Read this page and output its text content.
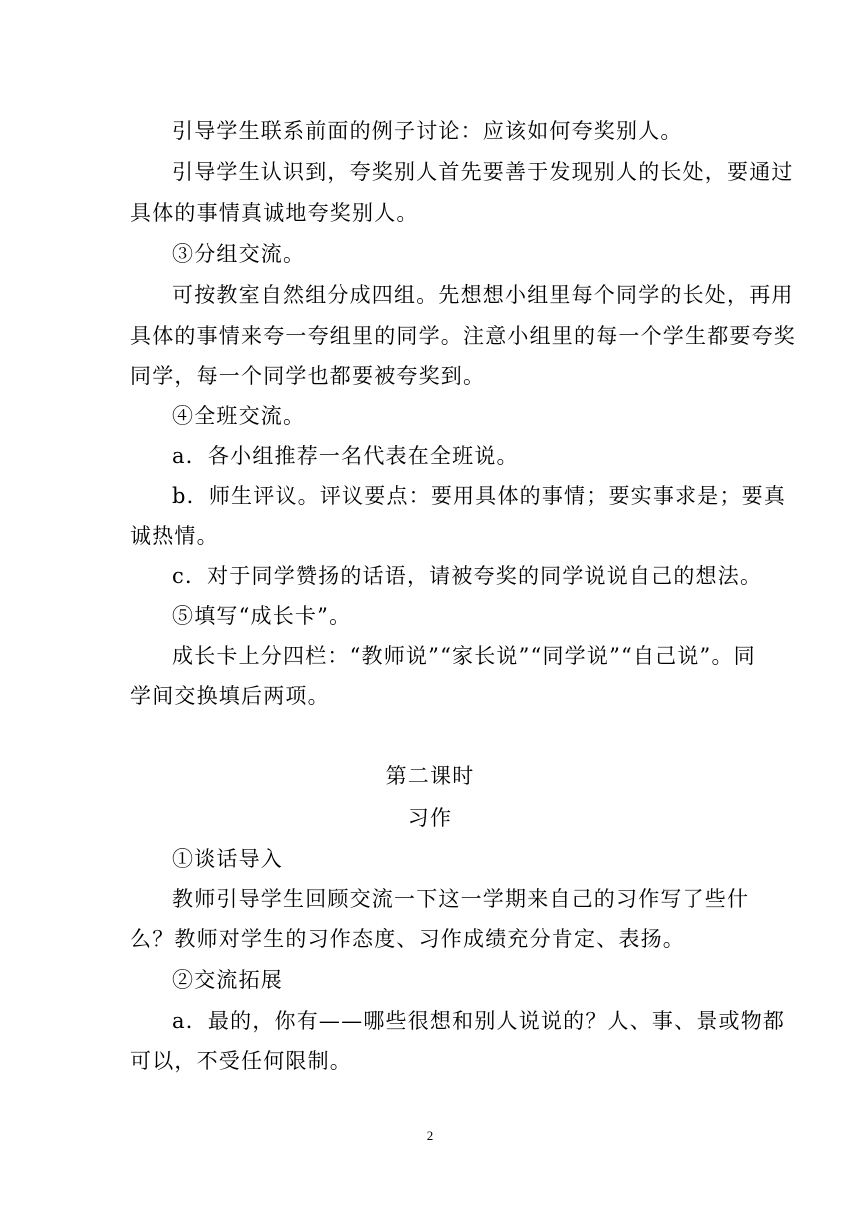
引导学生联系前面的例子讨论：应该如何夸奖别人。
引导学生认识到，夸奖别人首先要善于发现别人的长处，要通过
具体的事情真诚地夸奖别人。
③分组交流。
可按教室自然组分成四组。先想想小组里每个同学的长处，再用
具体的事情来夸一夸组里的同学。注意小组里的每一个学生都要夸奖
同学，每一个同学也都要被夸奖到。
④全班交流。
a．各小组推荐一名代表在全班说。
b．师生评议。评议要点：要用具体的事情；要实事求是；要真
诚热情。
c．对于同学赞扬的话语，请被夸奖的同学说说自己的想法。
⑤填写“成长卡”。
成长卡上分四栏：“教师说”“家长说”“同学说”“自己说”。同
学间交换填后两项。
第二课时
习作
①谈话导入
教师引导学生回顾交流一下这一学期来自己的习作写了些什
么？教师对学生的习作态度、习作成绩充分肯定、表扬。
②交流拓展
a．最的，你有——哪些很想和别人说说的？人、事、景或物都
可以，不受任何限制。
2
